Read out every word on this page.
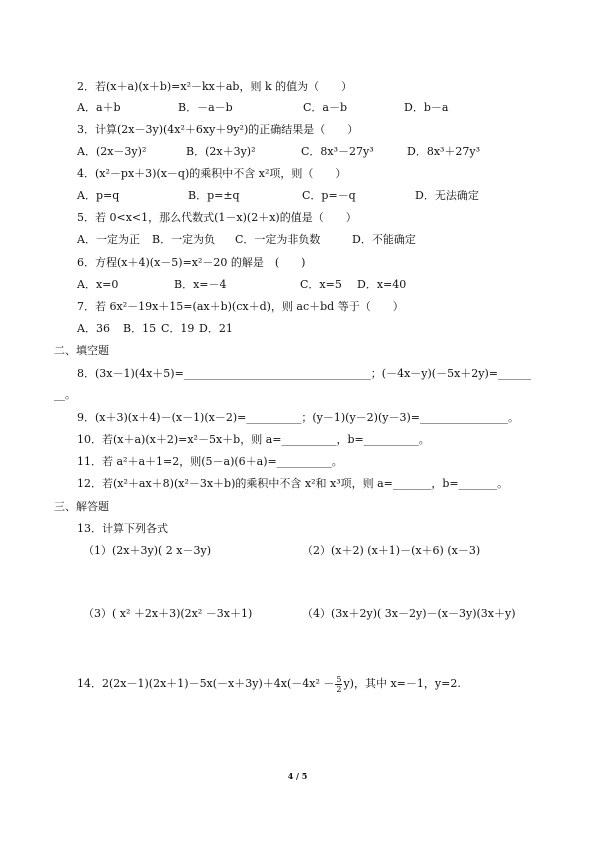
2．若(x＋a)(x＋b)=x²－kx＋ab，则 k 的值为（　　）
A．a＋b	B．－a－b	C．a－b	D．b－a
3．计算(2x－3y)(4x²＋6xy＋9y²)的正确结果是（　　）
A．(2x－3y)²	B．(2x＋3y)²	C．8x³－27y³	D．8x³＋27y³
4．(x²－px＋3)(x－q)的乘积中不含 x²项，则（　　）
A．p=q	B．p=±q	C．p=－q	D．无法确定
5．若 0<x<1，那么代数式(1－x)(2＋x)的值是（　　）
A．一定为正	B．一定为负	C．一定为非负数	D．不能确定
6．方程(x＋4)(x－5)=x²－20 的解是　(　　)
A．x=0	B．x=－4	C．x=5	D．x=40
7．若 6x²－19x＋15=(ax＋b)(cx＋d)，则 ac＋bd 等于（　　）
A．36	B．15 C．19 D．21
二、填空题
8．(3x－1)(4x＋5)=__________________________________；(－4x－y)(－5x＋2y)=______
__。
9．(x＋3)(x＋4)－(x－1)(x－2)=__________；(y－1)(y－2)(y－3)=________________。
10．若(x＋a)(x＋2)=x²－5x＋b，则 a=__________，b=__________。
11．若 a²＋a＋1=2，则(5－a)(6＋a)=__________。
12．若(x²＋ax＋8)(x²－3x＋b)的乘积中不含 x²和 x³项，则 a=_______，b=_______。
三、解答题
13．计算下列各式
（1）(2x＋3y)( 2 x－3y)	（2）(x＋2) (x＋1)－(x＋6) (x－3)
（3）( x² ＋2x＋3)(2x² －3x＋1)	（4）(3x＋2y)( 3x－2y)－(x－3y)(3x＋y)
14．$2(2x-1)(2x+1)-5x(-x+3y)+4x(-4x^2 - \frac{5}{2} y)$，其中 x=－1，y=2.
4 / 5
